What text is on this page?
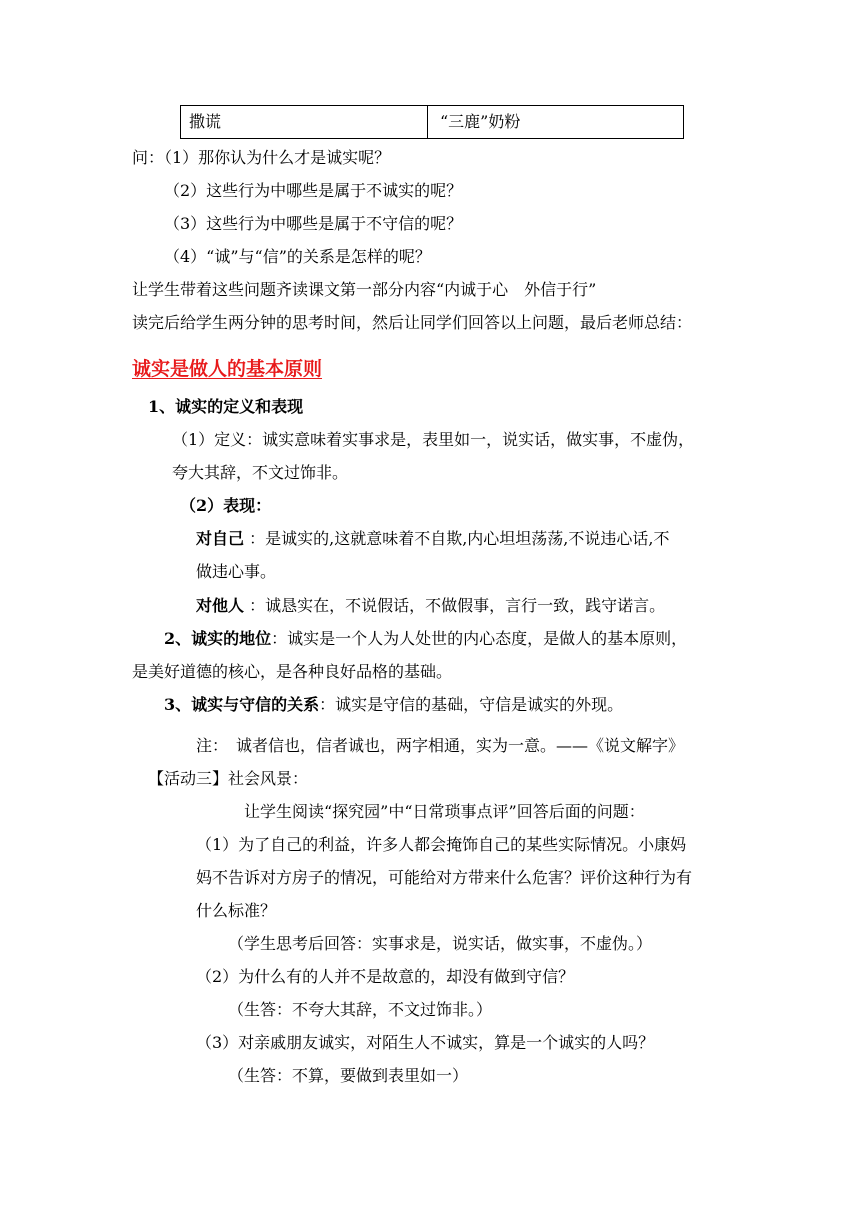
撒谎	“三鹿”奶粉
问：（1）那你认为什么才是诚实呢？
（2）这些行为中哪些是属于不诚实的呢？
（3）这些行为中哪些是属于不守信的呢？
（4）“诚”与“信”的关系是怎样的呢？
让学生带着这些问题齐读课文第一部分内容“内诚于心　外信于行”
读完后给学生两分钟的思考时间，然后让同学们回答以上问题，最后老师总结：
诚实是做人的基本原则
1、诚实的定义和表现
（1）定义：诚实意味着实事求是，表里如一，说实话，做实事，不虚伪，
夸大其辞，不文过饰非。
（2）表现：
对自己 ：是诚实的,这就意味着不自欺,内心坦坦荡荡,不说违心话,不
做违心事。
对他人 ：诚恳实在，不说假话，不做假事，言行一致，践守诺言。
2、诚实的地位：诚实是一个人为人处世的内心态度，是做人的基本原则，
是美好道德的核心，是各种良好品格的基础。
3、诚实与守信的关系：诚实是守信的基础，守信是诚实的外现。
注：　诚者信也，信者诚也，两字相通，实为一意。——《说文解字》
【活动三】社会风景：
让学生阅读“探究园”中“日常琐事点评”回答后面的问题：
（1）为了自己的利益，许多人都会掩饰自己的某些实际情况。小康妈
妈不告诉对方房子的情况，可能给对方带来什么危害？评价这种行为有
什么标准？
（学生思考后回答：实事求是，说实话，做实事，不虚伪。）
（2）为什么有的人并不是故意的，却没有做到守信？
（生答：不夸大其辞，不文过饰非。）
（3）对亲戚朋友诚实，对陌生人不诚实，算是一个诚实的人吗？
（生答：不算，要做到表里如一）
